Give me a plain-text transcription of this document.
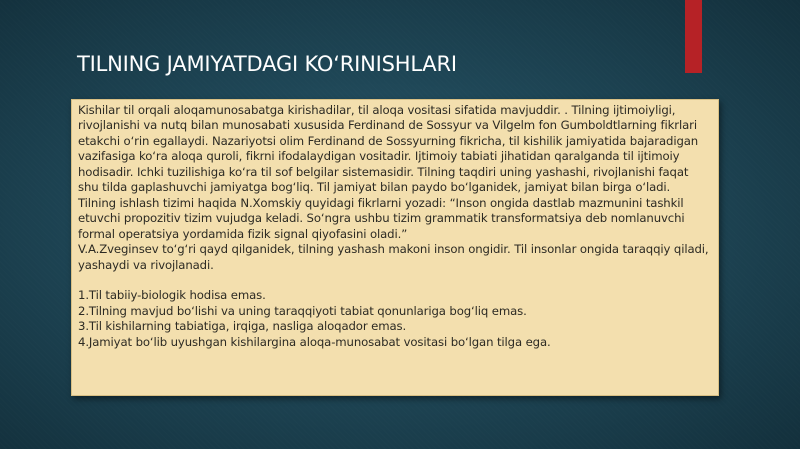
TILNING JAMIYATDAGI KO‘RINISHLARI

Kishilar til orqali aloqamunosabatga kirishadilar, til aloqa vositasi sifatida mavjuddir. . Tilning ijtimoiyligi, rivojlanishi va nutq bilan munosabati xususida Ferdinand de Sossyur va Vilgelm fon Gumboldtlarning fikrlari etakchi o‘rin egallaydi. Nazariyotsi olim Ferdinand de Sossyurning fikricha, til kishilik jamiyatida bajaradigan vazifasiga ko‘ra aloqa quroli, fikrni ifodalaydigan vositadir. Ijtimoiy tabiati jihatidan qaralganda til ijtimoiy hodisadir. Ichki tuzilishiga ko‘ra til sof belgilar sistemasidir. Tilning taqdiri uning yashashi, rivojlanishi faqat shu tilda gaplashuvchi jamiyatga bog‘liq. Til jamiyat bilan paydo bo‘lganidek, jamiyat bilan birga o‘ladi.

Tilning ishlash tizimi haqida N.Xomskiy quyidagi fikrlarni yozadi: “Inson ongida dastlab mazmunini tashkil etuvchi propozitiv tizim vujudga keladi. So‘ngra ushbu tizim grammatik transformatsiya deb nomlanuvchi formal operatsiya yordamida fizik signal qiyofasini oladi.”

V.A.Zveginsev to‘g‘ri qayd qilganidek, tilning yashash makoni inson ongidir. Til insonlar ongida taraqqiy qiladi, yashaydi va rivojlanadi.

1.Til tabiiy-biologik hodisa emas.

2.Tilning mavjud bo‘lishi va uning taraqqiyoti tabiat qonunlariga bog‘liq emas.

3.Til kishilarning tabiatiga, irqiga, nasliga aloqador emas.

4.Jamiyat bo‘lib uyushgan kishilargina aloqa-munosabat vositasi bo‘lgan tilga ega.
